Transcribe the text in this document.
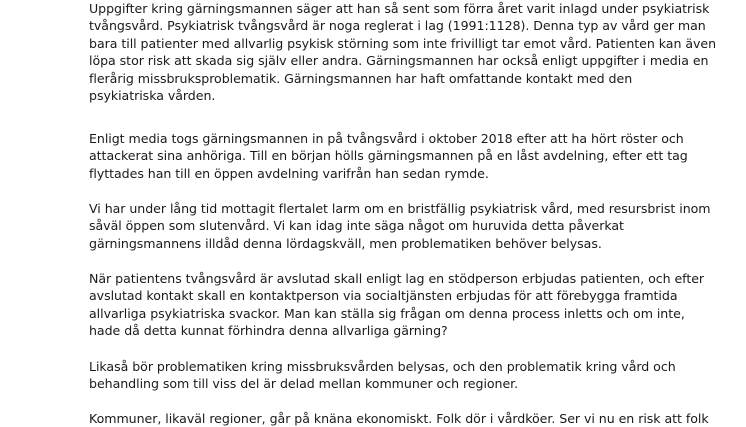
Uppgifter kring gärningsmannen säger att han så sent som förra året varit inlagd under psykiatrisk
tvångsvård. Psykiatrisk tvångsvård är noga reglerat i lag (1991:1128). Denna typ av vård ger man
bara till patienter med allvarlig psykisk störning som inte frivilligt tar emot vård. Patienten kan även
löpa stor risk att skada sig själv eller andra. Gärningsmannen har också enligt uppgifter i media en
flerårig missbruksproblematik. Gärningsmannen har haft omfattande kontakt med den
psykiatriska vården.

Enligt media togs gärningsmannen in på tvångsvård i oktober 2018 efter att ha hört röster och
attackerat sina anhöriga. Till en början hölls gärningsmannen på en låst avdelning, efter ett tag
flyttades han till en öppen avdelning varifrån han sedan rymde.

Vi har under lång tid mottagit flertalet larm om en bristfällig psykiatrisk vård, med resursbrist inom
såväl öppen som slutenvård. Vi kan idag inte säga något om huruvida detta påverkat
gärningsmannens illdåd denna lördagskväll, men problematiken behöver belysas.

När patientens tvångsvård är avslutad skall enligt lag en stödperson erbjudas patienten, och efter
avslutad kontakt skall en kontaktperson via socialtjänsten erbjudas för att förebygga framtida
allvarliga psykiatriska svackor. Man kan ställa sig frågan om denna process inletts och om inte,
hade då detta kunnat förhindra denna allvarliga gärning?

Likaså bör problematiken kring missbruksvården belysas, och den problematik kring vård och
behandling som till viss del är delad mellan kommuner och regioner.

Kommuner, likaväl regioner, går på knäna ekonomiskt. Folk dör i vårdköer. Ser vi nu en risk att folk
